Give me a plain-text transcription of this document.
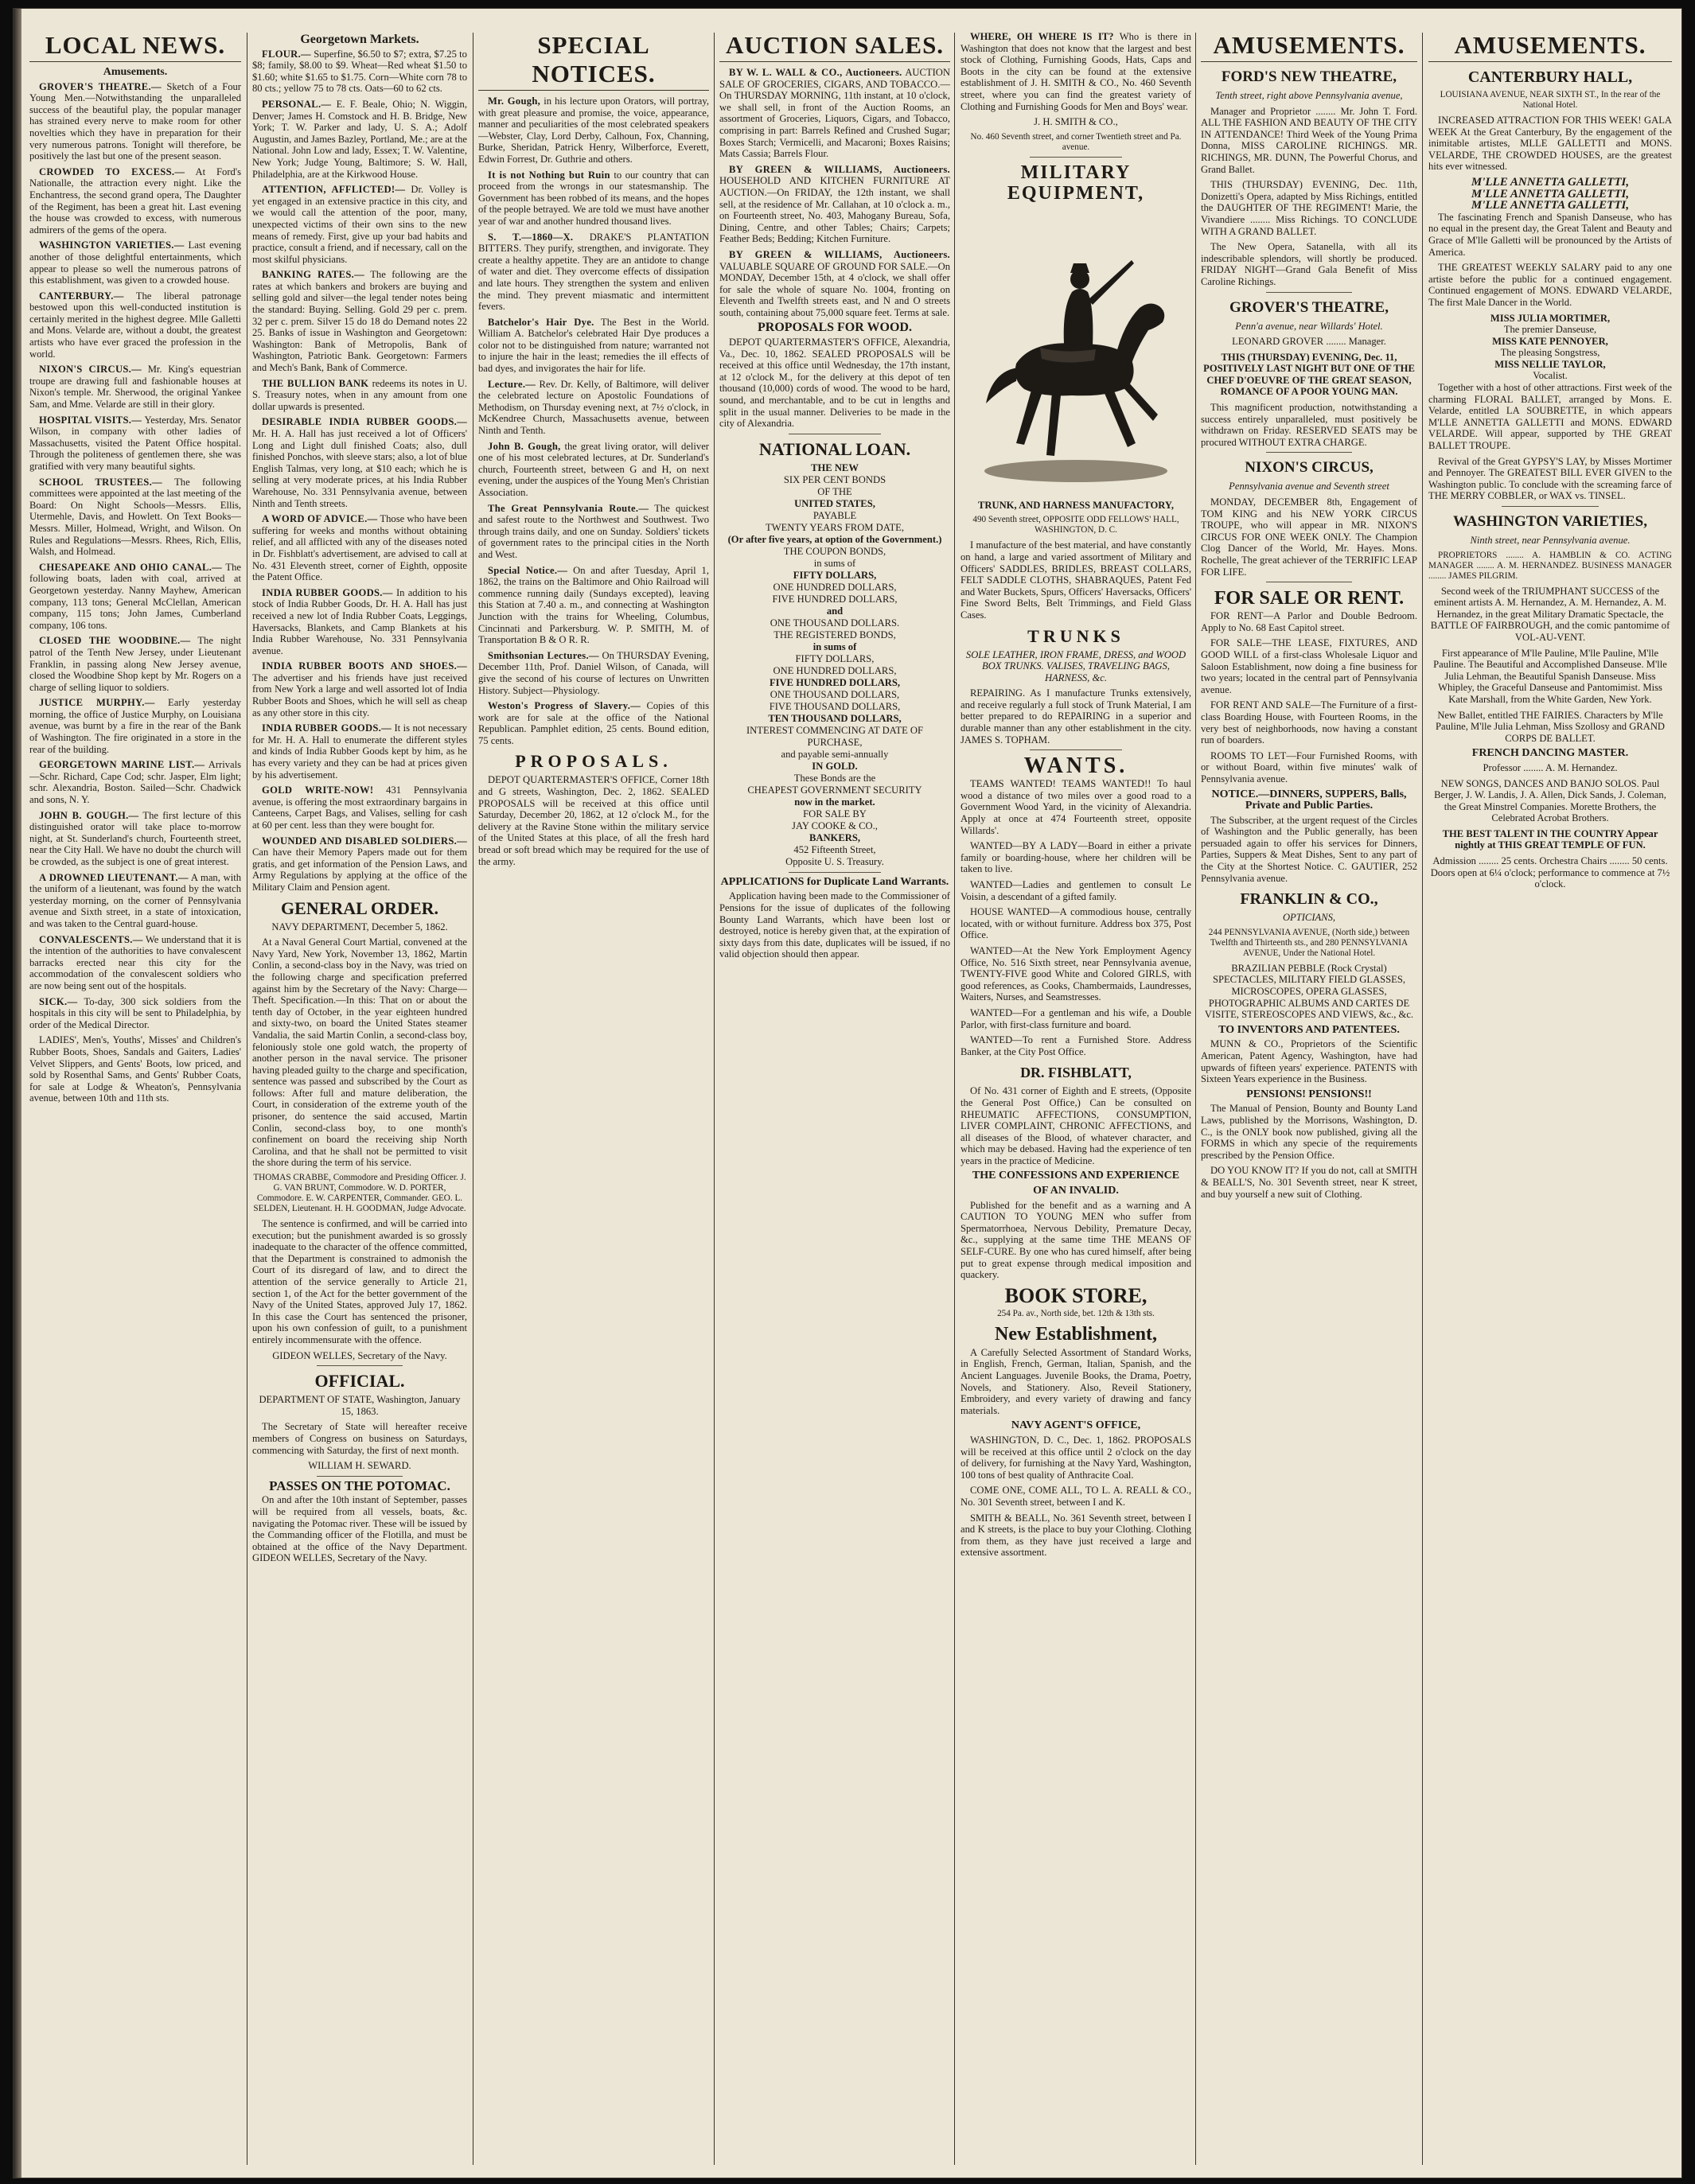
LOCAL NEWS.
Amusements.
GROVER'S THEATRE.— Sketch of a Four Young Men.—Notwithstanding the unparalleled success of the beautiful play, the popular manager has strained every nerve to make room for other novelties which they have in preparation for their very numerous patrons. Tonight will therefore, be positively the last but one of the present season.
CROWDED TO EXCESS.— At Ford's Nationalle, the attraction every night. Like the Enchantress, the second grand opera, The Daughter of the Regiment, has been a great hit. Last evening the house was crowded to excess, with numerous admirers of the gems of the opera.
WASHINGTON VARIETIES.— Last evening another of those delightful entertainments, which appear to please so well the numerous patrons of this establishment, was given to a crowded house.
CANTERBURY.— The liberal patronage bestowed upon this well-conducted institution is certainly merited in the highest degree. Mlle Galletti and Mons. Velarde are, without a doubt, the greatest artists who have ever graced the profession in the world.
NIXON'S CIRCUS.— Mr. King's equestrian troupe are drawing full and fashionable houses at Nixon's temple. Mr. Sherwood, the original Yankee Sam, and Mme. Velarde are still in their glory.
HOSPITAL VISITS.— Yesterday, Mrs. Senator Wilson, in company with other ladies of Massachusetts, visited the Patent Office hospital. Through the politeness of gentlemen there, she was gratified with very many beautiful sights.
SCHOOL TRUSTEES.— The following committees were appointed at the last meeting of the Board: On Night Schools—Messrs. Ellis, Utermehle, Davis, and Howlett. On Text Books—Messrs. Miller, Holmead, Wright, and Wilson. On Rules and Regulations—Messrs. Rhees, Rich, Ellis, Walsh, and Holmead.
CHESAPEAKE AND OHIO CANAL.— The following boats, laden with coal, arrived at Georgetown yesterday. Nanny Mayhew, American company, 113 tons; General McClellan, American company, 115 tons; John James, Cumberland company, 106 tons.
CLOSED THE WOODBINE.— The night patrol of the Tenth New Jersey, under Lieutenant Franklin, in passing along New Jersey avenue, closed the Woodbine Shop kept by Mr. Rogers on a charge of selling liquor to soldiers.
JUSTICE MURPHY.— Early yesterday morning, the office of Justice Murphy, on Louisiana avenue, was burnt by a fire in the rear of the Bank of Washington. The fire originated in a store in the rear of the building.
GEORGETOWN MARINE LIST.— Arrivals—Schr. Richard, Cape Cod; schr. Jasper, Elm light; schr. Alexandria, Boston. Sailed—Schr. Chadwick and sons, N. Y.
JOHN B. GOUGH.— The first lecture of this distinguished orator will take place to-morrow night, at St. Sunderland's church, Fourteenth street, near the City Hall. We have no doubt the church will be crowded, as the subject is one of great interest.
A DROWNED LIEUTENANT.— A man, with the uniform of a lieutenant, was found by the watch yesterday morning, on the corner of Pennsylvania avenue and Sixth street, in a state of intoxication, and was taken to the Central guard-house.
CONVALESCENTS.— We understand that it is the intention of the authorities to have convalescent barracks erected near this city for the accommodation of the convalescent soldiers who are now being sent out of the hospitals.
SICK.— To-day, 300 sick soldiers from the hospitals in this city will be sent to Philadelphia, by order of the Medical Director.
LADIES', Men's, Youths', Misses' and Children's Rubber Boots, Shoes, Sandals and Gaiters, Ladies' Velvet Slippers, and Gents' Boots, low priced, and sold by Rosenthal Sams, and Gents' Rubber Coats, for sale at Lodge & Wheaton's, Pennsylvania avenue, between 10th and 11th sts.
Georgetown Markets.
FLOUR.— Superfine, $6.50 to $7; extra, $7.25 to $8; family, $8.00 to $9. Wheat—Red wheat $1.50 to $1.60; white $1.65 to $1.75. Corn—White corn 78 to 80 cts.; yellow 75 to 78 cts. Oats—60 to 62 cts.
PERSONAL.— E. F. Beale, Ohio; N. Wiggin, Denver; James H. Comstock and H. B. Bridge, New York; T. W. Parker and lady, U. S. A.; Adolf Augustin, and James Bazley, Portland, Me.; are at the National. John Low and lady, Essex; T. W. Valentine, New York; Judge Young, Baltimore; S. W. Hall, Philadelphia, are at the Kirkwood House.
ATTENTION, AFFLICTED!— Dr. Volley is yet engaged in an extensive practice in this city, and we would call the attention of the poor, many, unexpected victims of their own sins to the new means of remedy. First, give up your bad habits and practice, consult a friend, and if necessary, call on the most skilful physicians.
BANKING RATES.— The following are the rates at which bankers and brokers are buying and selling gold and silver—the legal tender notes being the standard: Buying. Selling. Gold 29 per c. prem. 32 per c. prem. Silver 15 do 18 do Demand notes 22 25. Banks of issue in Washington and Georgetown: Washington: Bank of Metropolis, Bank of Washington, Patriotic Bank. Georgetown: Farmers and Mech's Bank, Bank of Commerce.
THE BULLION BANK redeems its notes in U. S. Treasury notes, when in any amount from one dollar upwards is presented.
DESIRABLE INDIA RUBBER GOODS.— Mr. H. A. Hall has just received a lot of Officers' Long and Light dull finished Coats; also, dull finished Ponchos, with sleeve stars; also, a lot of blue English Talmas, very long, at $10 each; which he is selling at very moderate prices, at his India Rubber Warehouse, No. 331 Pennsylvania avenue, between Ninth and Tenth streets.
A WORD OF ADVICE.— Those who have been suffering for weeks and months without obtaining relief, and all afflicted with any of the diseases noted in Dr. Fishblatt's advertisement, are advised to call at No. 431 Eleventh street, corner of Eighth, opposite the Patent Office.
INDIA RUBBER GOODS.— In addition to his stock of India Rubber Goods, Dr. H. A. Hall has just received a new lot of India Rubber Coats, Leggings, Haversacks, Blankets, and Camp Blankets at his India Rubber Warehouse, No. 331 Pennsylvania avenue.
INDIA RUBBER BOOTS AND SHOES.— The advertiser and his friends have just received from New York a large and well assorted lot of India Rubber Boots and Shoes, which he will sell as cheap as any other store in this city.
INDIA RUBBER GOODS.— It is not necessary for Mr. H. A. Hall to enumerate the different styles and kinds of India Rubber Goods kept by him, as he has every variety and they can be had at prices given by his advertisement.
GOLD WRITE-NOW! 431 Pennsylvania avenue, is offering the most extraordinary bargains in Canteens, Carpet Bags, and Valises, selling for cash at 60 per cent. less than they were bought for.
WOUNDED AND DISABLED SOLDIERS.— Can have their Memory Papers made out for them gratis, and get information of the Pension Laws, and Army Regulations by applying at the office of the Military Claim and Pension agent.
GENERAL ORDER.
NAVY DEPARTMENT, December 5, 1862.
At a Naval General Court Martial, convened at the Navy Yard, New York, November 13, 1862, Martin Conlin, a second-class boy in the Navy, was tried on the following charge and specification preferred against him by the Secretary of the Navy: Charge—Theft. Specification.—In this: That on or about the tenth day of October, in the year eighteen hundred and sixty-two, on board the United States steamer Vandalia, the said Martin Conlin, a second-class boy, feloniously stole one gold watch, the property of another person in the naval service. The prisoner having pleaded guilty to the charge and specification, sentence was passed and subscribed by the Court as follows: After full and mature deliberation, the Court, in consideration of the extreme youth of the prisoner, do sentence the said accused, Martin Conlin, second-class boy, to one month's confinement on board the receiving ship North Carolina, and that he shall not be permitted to visit the shore during the term of his service.
THOMAS CRABBE, Commodore and Presiding Officer. J. G. VAN BRUNT, Commodore. W. D. PORTER, Commodore. E. W. CARPENTER, Commander. GEO. L. SELDEN, Lieutenant. H. H. GOODMAN, Judge Advocate.
The sentence is confirmed, and will be carried into execution; but the punishment awarded is so grossly inadequate to the character of the offence committed, that the Department is constrained to admonish the Court of its disregard of law, and to direct the attention of the service generally to Article 21, section 1, of the Act for the better government of the Navy of the United States, approved July 17, 1862. In this case the Court has sentenced the prisoner, upon his own confession of guilt, to a punishment entirely incommensurate with the offence.
GIDEON WELLES, Secretary of the Navy.
OFFICIAL.
DEPARTMENT OF STATE, Washington, January 15, 1863.
The Secretary of State will hereafter receive members of Congress on business on Saturdays, commencing with Saturday, the first of next month.
WILLIAM H. SEWARD.
PASSES ON THE POTOMAC.
On and after the 10th instant of September, passes will be required from all vessels, boats, &c. navigating the Potomac river. These will be issued by the Commanding officer of the Flotilla, and must be obtained at the office of the Navy Department. GIDEON WELLES, Secretary of the Navy.
SPECIAL NOTICES.
Mr. Gough, in his lecture upon Orators, will portray, with great pleasure and promise, the voice, appearance, manner and peculiarities of the most celebrated speakers—Webster, Clay, Lord Derby, Calhoun, Fox, Channing, Burke, Sheridan, Patrick Henry, Wilberforce, Everett, Edwin Forrest, Dr. Guthrie and others.
It is not Nothing but Ruin to our country that can proceed from the wrongs in our statesmanship. The Government has been robbed of its means, and the hopes of the people betrayed. We are told we must have another year of war and another hundred thousand lives.
S. T.—1860—X. DRAKE'S PLANTATION BITTERS. They purify, strengthen, and invigorate. They create a healthy appetite. They are an antidote to change of water and diet. They overcome effects of dissipation and late hours. They strengthen the system and enliven the mind. They prevent miasmatic and intermittent fevers.
Batchelor's Hair Dye. The Best in the World. William A. Batchelor's celebrated Hair Dye produces a color not to be distinguished from nature; warranted not to injure the hair in the least; remedies the ill effects of bad dyes, and invigorates the hair for life.
Lecture.— Rev. Dr. Kelly, of Baltimore, will deliver the celebrated lecture on Apostolic Foundations of Methodism, on Thursday evening next, at 7½ o'clock, in McKendree Church, Massachusetts avenue, between Ninth and Tenth.
John B. Gough, the great living orator, will deliver one of his most celebrated lectures, at Dr. Sunderland's church, Fourteenth street, between G and H, on next evening, under the auspices of the Young Men's Christian Association.
The Great Pennsylvania Route.— The quickest and safest route to the Northwest and Southwest. Two through trains daily, and one on Sunday. Soldiers' tickets of government rates to the principal cities in the North and West.
Special Notice.— On and after Tuesday, April 1, 1862, the trains on the Baltimore and Ohio Railroad will commence running daily (Sundays excepted), leaving this Station at 7.40 a. m., and connecting at Washington Junction with the trains for Wheeling, Columbus, Cincinnati and Parkersburg. W. P. SMITH, M. of Transportation B & O R. R.
Smithsonian Lectures.— On THURSDAY Evening, December 11th, Prof. Daniel Wilson, of Canada, will give the second of his course of lectures on Unwritten History. Subject—Physiology.
Weston's Progress of Slavery.— Copies of this work are for sale at the office of the National Republican. Pamphlet edition, 25 cents. Bound edition, 75 cents.
PROPOSALS.
DEPOT QUARTERMASTER'S OFFICE, Corner 18th and G streets, Washington, Dec. 2, 1862. SEALED PROPOSALS will be received at this office until Saturday, December 20, 1862, at 12 o'clock M., for the delivery at the Ravine Stone within the military service of the United States at this place, of all the fresh hard bread or soft bread which may be required for the use of the army.
AUCTION SALES.
BY W. L. WALL & CO., Auctioneers. AUCTION SALE OF GROCERIES, CIGARS, AND TOBACCO.—On THURSDAY MORNING, 11th instant, at 10 o'clock, we shall sell, in front of the Auction Rooms, an assortment of Groceries, Liquors, Cigars, and Tobacco, comprising in part: Barrels Refined and Crushed Sugar; Boxes Starch; Vermicelli, and Macaroni; Boxes Raisins; Mats Cassia; Barrels Flour.
BY GREEN & WILLIAMS, Auctioneers. HOUSEHOLD AND KITCHEN FURNITURE AT AUCTION.—On FRIDAY, the 12th instant, we shall sell, at the residence of Mr. Callahan, at 10 o'clock a. m., on Fourteenth street, No. 403, Mahogany Bureau, Sofa, Dining, Centre, and other Tables; Chairs; Carpets; Feather Beds; Bedding; Kitchen Furniture.
BY GREEN & WILLIAMS, Auctioneers. VALUABLE SQUARE OF GROUND FOR SALE.—On MONDAY, December 15th, at 4 o'clock, we shall offer for sale the whole of square No. 1004, fronting on Eleventh and Twelfth streets east, and N and O streets south, containing about 75,000 square feet. Terms at sale.
PROPOSALS FOR WOOD.
DEPOT QUARTERMASTER'S OFFICE, Alexandria, Va., Dec. 10, 1862. SEALED PROPOSALS will be received at this office until Wednesday, the 17th instant, at 12 o'clock M., for the delivery at this depot of ten thousand (10,000) cords of wood. The wood to be hard, sound, and merchantable, and to be cut in lengths and split in the usual manner. Deliveries to be made in the city of Alexandria.
NATIONAL LOAN.
THE NEW
SIX PER CENT BONDS
OF THE
UNITED STATES,
PAYABLE
TWENTY YEARS FROM DATE,
(Or after five years, at option of the Government.)
THE COUPON BONDS,
in sums of
FIFTY DOLLARS,
ONE HUNDRED DOLLARS,
FIVE HUNDRED DOLLARS,
and
ONE THOUSAND DOLLARS.
THE REGISTERED BONDS,
in sums of
FIFTY DOLLARS,
ONE HUNDRED DOLLARS,
FIVE HUNDRED DOLLARS,
ONE THOUSAND DOLLARS,
FIVE THOUSAND DOLLARS,
TEN THOUSAND DOLLARS,
INTEREST COMMENCING AT DATE OF PURCHASE,
and payable semi-annually
IN GOLD.
These Bonds are the
CHEAPEST GOVERNMENT SECURITY
now in the market.
FOR SALE BY
JAY COOKE & CO.,
BANKERS,
452 Fifteenth Street,
Opposite U. S. Treasury.
APPLICATIONS for Duplicate Land Warrants.
Application having been made to the Commissioner of Pensions for the issue of duplicates of the following Bounty Land Warrants, which have been lost or destroyed, notice is hereby given that, at the expiration of sixty days from this date, duplicates will be issued, if no valid objection should then appear.
WHERE, OH WHERE IS IT? Who is there in Washington that does not know that the largest and best stock of Clothing, Furnishing Goods, Hats, Caps and Boots in the city can be found at the extensive establishment of J. H. SMITH & CO., No. 460 Seventh street, where you can find the greatest variety of Clothing and Furnishing Goods for Men and Boys' wear.
J. H. SMITH & CO.,
No. 460 Seventh street, and corner Twentieth street and Pa. avenue.
MILITARY EQUIPMENT,
TRUNK, AND HARNESS MANUFACTORY,
490 Seventh street, OPPOSITE ODD FELLOWS' HALL, WASHINGTON, D. C.
I manufacture of the best material, and have constantly on hand, a large and varied assortment of Military and Officers' SADDLES, BRIDLES, BREAST COLLARS, FELT SADDLE CLOTHS, SHABRAQUES, Patent Fed and Water Buckets, Spurs, Officers' Haversacks, Officers' Fine Sword Belts, Belt Trimmings, and Field Glass Cases.
TRUNKS
SOLE LEATHER, IRON FRAME, DRESS, and WOOD BOX TRUNKS. VALISES, TRAVELING BAGS, HARNESS, &c.
REPAIRING. As I manufacture Trunks extensively, and receive regularly a full stock of Trunk Material, I am better prepared to do REPAIRING in a superior and durable manner than any other establishment in the city. JAMES S. TOPHAM.
WANTS.
TEAMS WANTED! TEAMS WANTED!! To haul wood a distance of two miles over a good road to a Government Wood Yard, in the vicinity of Alexandria. Apply at once at 474 Fourteenth street, opposite Willards'.
WANTED—BY A LADY—Board in either a private family or boarding-house, where her children will be taken to live.
WANTED—Ladies and gentlemen to consult Le Voisin, a descendant of a gifted family.
HOUSE WANTED—A commodious house, centrally located, with or without furniture. Address box 375, Post Office.
WANTED—At the New York Employment Agency Office, No. 516 Sixth street, near Pennsylvania avenue, TWENTY-FIVE good White and Colored GIRLS, with good references, as Cooks, Chambermaids, Laundresses, Waiters, Nurses, and Seamstresses.
WANTED—For a gentleman and his wife, a Double Parlor, with first-class furniture and board.
WANTED—To rent a Furnished Store. Address Banker, at the City Post Office.
DR. FISHBLATT,
Of No. 431 corner of Eighth and E streets, (Opposite the General Post Office,) Can be consulted on RHEUMATIC AFFECTIONS, CONSUMPTION, LIVER COMPLAINT, CHRONIC AFFECTIONS, and all diseases of the Blood, of whatever character, and which may be debased. Having had the experience of ten years in the practice of Medicine.
THE CONFESSIONS AND EXPERIENCE
OF AN INVALID.
Published for the benefit and as a warning and A CAUTION TO YOUNG MEN who suffer from Spermatorrhoea, Nervous Debility, Premature Decay, &c., supplying at the same time THE MEANS OF SELF-CURE. By one who has cured himself, after being put to great expense through medical imposition and quackery.
BOOK STORE,
254 Pa. av., North side, bet. 12th & 13th sts.
New Establishment,
A Carefully Selected Assortment of Standard Works, in English, French, German, Italian, Spanish, and the Ancient Languages. Juvenile Books, the Drama, Poetry, Novels, and Stationery. Also, Reveil Stationery, Embroidery, and every variety of drawing and fancy materials.
NAVY AGENT'S OFFICE,
WASHINGTON, D. C., Dec. 1, 1862. PROPOSALS will be received at this office until 2 o'clock on the day of delivery, for furnishing at the Navy Yard, Washington, 100 tons of best quality of Anthracite Coal.
COME ONE, COME ALL, TO L. A. REALL & CO., No. 301 Seventh street, between I and K.
SMITH & BEALL, No. 361 Seventh street, between I and K streets, is the place to buy your Clothing. Clothing from them, as they have just received a large and extensive assortment.
AMUSEMENTS.
FORD'S NEW THEATRE,
Tenth street, right above Pennsylvania avenue,
Manager and Proprietor ........ Mr. John T. Ford. ALL THE FASHION AND BEAUTY OF THE CITY IN ATTENDANCE! Third Week of the Young Prima Donna, MISS CAROLINE RICHINGS. MR. RICHINGS, MR. DUNN, The Powerful Chorus, and Grand Ballet.
THIS (THURSDAY) EVENING, Dec. 11th, Donizetti's Opera, adapted by Miss Richings, entitled the DAUGHTER OF THE REGIMENT! Marie, the Vivandiere ........ Miss Richings. TO CONCLUDE WITH A GRAND BALLET.
The New Opera, Satanella, with all its indescribable splendors, will shortly be produced. FRIDAY NIGHT—Grand Gala Benefit of Miss Caroline Richings.
GROVER'S THEATRE,
Penn'a avenue, near Willards' Hotel.
LEONARD GROVER ........ Manager.
THIS (THURSDAY) EVENING, Dec. 11, POSITIVELY LAST NIGHT BUT ONE OF THE CHEF D'OEUVRE OF THE GREAT SEASON, ROMANCE OF A POOR YOUNG MAN.
This magnificent production, notwithstanding a success entirely unparalleled, must positively be withdrawn on Friday. RESERVED SEATS may be procured WITHOUT EXTRA CHARGE.
NIXON'S CIRCUS,
Pennsylvania avenue and Seventh street
MONDAY, DECEMBER 8th, Engagement of TOM KING and his NEW YORK CIRCUS TROUPE, who will appear in MR. NIXON'S CIRCUS FOR ONE WEEK ONLY. The Champion Clog Dancer of the World, Mr. Hayes. Mons. Rochelle, The great achiever of the TERRIFIC LEAP FOR LIFE.
FOR SALE OR RENT.
FOR RENT—A Parlor and Double Bedroom. Apply to No. 68 East Capitol street.
FOR SALE—THE LEASE, FIXTURES, AND GOOD WILL of a first-class Wholesale Liquor and Saloon Establishment, now doing a fine business for two years; located in the central part of Pennsylvania avenue.
FOR RENT AND SALE—The Furniture of a first-class Boarding House, with Fourteen Rooms, in the very best of neighborhoods, now having a constant run of boarders.
ROOMS TO LET—Four Furnished Rooms, with or without Board, within five minutes' walk of Pennsylvania avenue.
NOTICE.—DINNERS, SUPPERS, Balls, Private and Public Parties.
The Subscriber, at the urgent request of the Circles of Washington and the Public generally, has been persuaded again to offer his services for Dinners, Parties, Suppers & Meat Dishes, Sent to any part of the City at the Shortest Notice. C. GAUTIER, 252 Pennsylvania avenue.
FRANKLIN & CO.,
OPTICIANS,
244 PENNSYLVANIA AVENUE, (North side,) between Twelfth and Thirteenth sts., and 280 PENNSYLVANIA AVENUE, Under the National Hotel.
BRAZILIAN PEBBLE (Rock Crystal) SPECTACLES, MILITARY FIELD GLASSES, MICROSCOPES, OPERA GLASSES, PHOTOGRAPHIC ALBUMS AND CARTES DE VISITE, STEREOSCOPES AND VIEWS, &c., &c.
TO INVENTORS AND PATENTEES.
MUNN & CO., Proprietors of the Scientific American, Patent Agency, Washington, have had upwards of fifteen years' experience. PATENTS with Sixteen Years experience in the Business.
PENSIONS! PENSIONS!!
The Manual of Pension, Bounty and Bounty Land Laws, published by the Morrisons, Washington, D. C., is the ONLY book now published, giving all the FORMS in which any specie of the requirements prescribed by the Pension Office.
DO YOU KNOW IT? If you do not, call at SMITH & BEALL'S, No. 301 Seventh street, near K street, and buy yourself a new suit of Clothing.
AMUSEMENTS.
CANTERBURY HALL,
LOUISIANA AVENUE, NEAR SIXTH ST., In the rear of the National Hotel.
INCREASED ATTRACTION FOR THIS WEEK! GALA WEEK At the Great Canterbury, By the engagement of the inimitable artistes, MLLE GALLETTI and MONS. VELARDE, THE CROWDED HOUSES, are the greatest hits ever witnessed.
M'LLE ANNETTA GALLETTI,
M'LLE ANNETTA GALLETTI,
M'LLE ANNETTA GALLETTI,
The fascinating French and Spanish Danseuse, who has no equal in the present day, the Great Talent and Beauty and Grace of M'lle Galletti will be pronounced by the Artists of America.
THE GREATEST WEEKLY SALARY paid to any one artiste before the public for a continued engagement. Continued engagement of MONS. EDWARD VELARDE, The first Male Dancer in the World.
MISS JULIA MORTIMER,
The premier Danseuse,
MISS KATE PENNOYER,
The pleasing Songstress,
MISS NELLIE TAYLOR,
Vocalist.
Together with a host of other attractions. First week of the charming FLORAL BALLET, arranged by Mons. E. Velarde, entitled LA SOUBRETTE, in which appears M'LLE ANNETTA GALLETTI and MONS. EDWARD VELARDE. Will appear, supported by THE GREAT BALLET TROUPE.
Revival of the Great GYPSY'S LAY, by Misses Mortimer and Pennoyer. The GREATEST BILL EVER GIVEN to the Washington public. To conclude with the screaming farce of THE MERRY COBBLER, or WAX vs. TINSEL.
WASHINGTON VARIETIES,
Ninth street, near Pennsylvania avenue.
PROPRIETORS ........ A. HAMBLIN & CO. ACTING MANAGER ........ A. M. HERNANDEZ. BUSINESS MANAGER ........ JAMES PILGRIM.
Second week of the TRIUMPHANT SUCCESS of the eminent artists A. M. Hernandez, A. M. Hernandez, A. M. Hernandez, in the great Military Dramatic Spectacle, the BATTLE OF FAIRBROUGH, and the comic pantomime of VOL-AU-VENT.
First appearance of M'lle Pauline, M'lle Pauline, M'lle Pauline. The Beautiful and Accomplished Danseuse. M'lle Julia Lehman, the Beautiful Spanish Danseuse. Miss Whipley, the Graceful Danseuse and Pantomimist. Miss Kate Marshall, from the White Garden, New York.
New Ballet, entitled THE FAIRIES. Characters by M'lle Pauline, M'lle Julia Lehman, Miss Szollosy and GRAND CORPS DE BALLET.
FRENCH DANCING MASTER.
Professor ........ A. M. Hernandez.
NEW SONGS, DANCES AND BANJO SOLOS. Paul Berger, J. W. Landis, J. A. Allen, Dick Sands, J. Coleman, the Great Minstrel Companies. Morette Brothers, the Celebrated Acrobat Brothers.
THE BEST TALENT IN THE COUNTRY Appear nightly at THIS GREAT TEMPLE OF FUN.
Admission ........ 25 cents. Orchestra Chairs ........ 50 cents. Doors open at 6¼ o'clock; performance to commence at 7½ o'clock.
